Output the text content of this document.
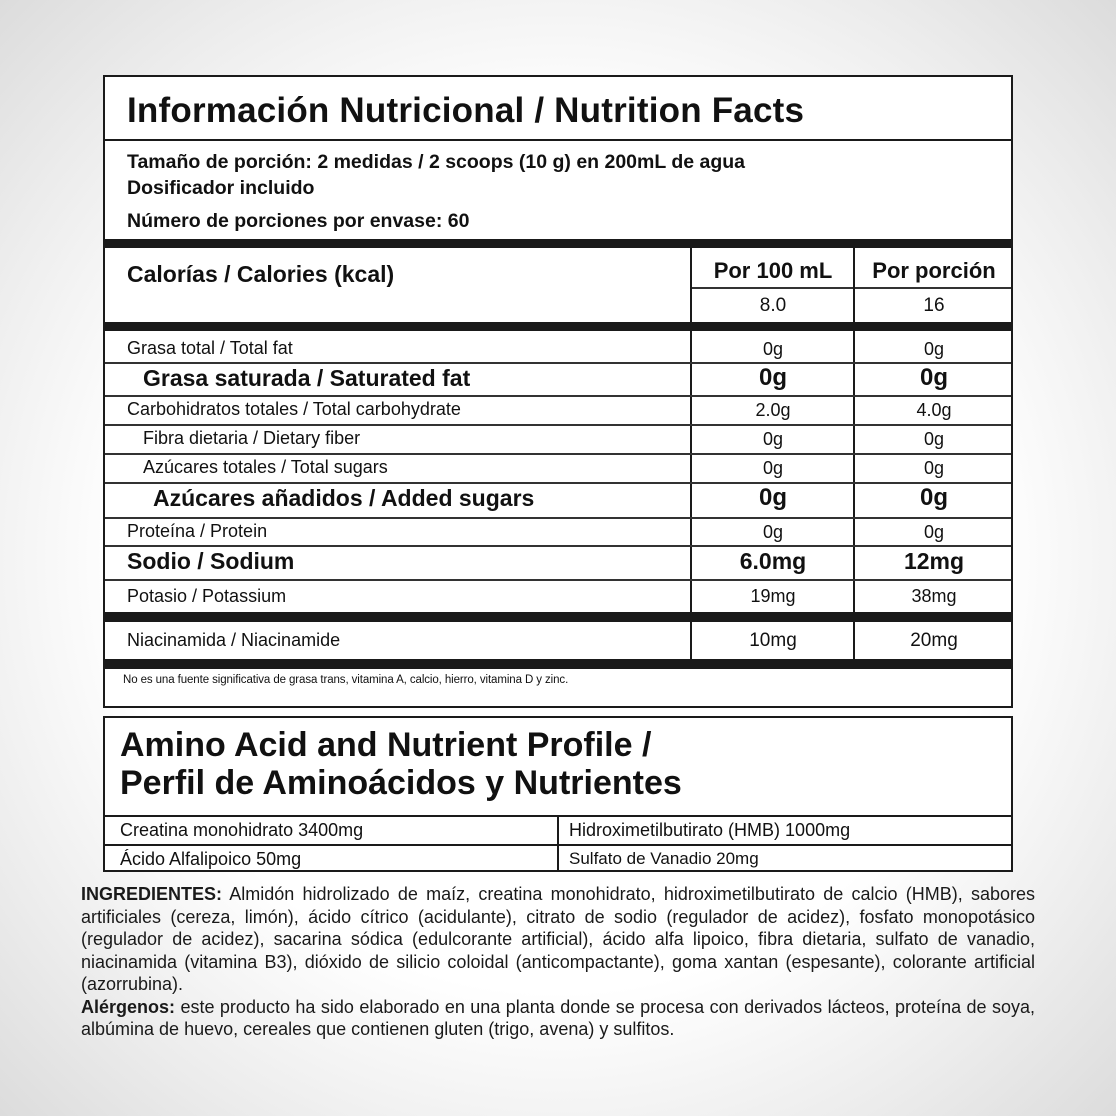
Información Nutricional / Nutrition Facts
Tamaño de porción: 2 medidas / 2 scoops (10 g) en 200mL de agua
Dosificador incluido
Número de porciones por envase: 60
Calorías / Calories (kcal)	Por 100 mL	Por porción
8.0	16
Grasa total / Total fat	0g	0g
Grasa saturada / Saturated fat	0g	0g
Carbohidratos totales / Total carbohydrate	2.0g	4.0g
Fibra dietaria / Dietary fiber	0g	0g
Azúcares totales / Total sugars	0g	0g
Azúcares añadidos / Added sugars	0g	0g
Proteína / Protein	0g	0g
Sodio / Sodium	6.0mg	12mg
Potasio / Potassium	19mg	38mg
Niacinamida / Niacinamide	10mg	20mg
No es una fuente significativa de grasa trans, vitamina A, calcio, hierro, vitamina D y zinc.
Amino Acid and Nutrient Profile /
Perfil de Aminoácidos y Nutrientes
Creatina monohidrato 3400mg	Hidroximetilbutirato (HMB) 1000mg
Ácido Alfalipoico 50mg	Sulfato de Vanadio 20mg

INGREDIENTES: Almidón hidrolizado de maíz, creatina monohidrato, hidroximetilbutirato de calcio (HMB), sabores artificiales (cereza, limón), ácido cítrico (acidulante), citrato de sodio (regulador de acidez), fosfato monopotásico (regulador de acidez), sacarina sódica (edulcorante artificial), ácido alfa lipoico, fibra dietaria, sulfato de vanadio, niacinamida (vitamina B3), dióxido de silicio coloidal (anticompactante), goma xantan (espesante), colorante artificial (azorrubina).

Alérgenos: este producto ha sido elaborado en una planta donde se procesa con derivados lácteos, proteína de soya, albúmina de huevo, cereales que contienen gluten (trigo, avena) y sulfitos.
